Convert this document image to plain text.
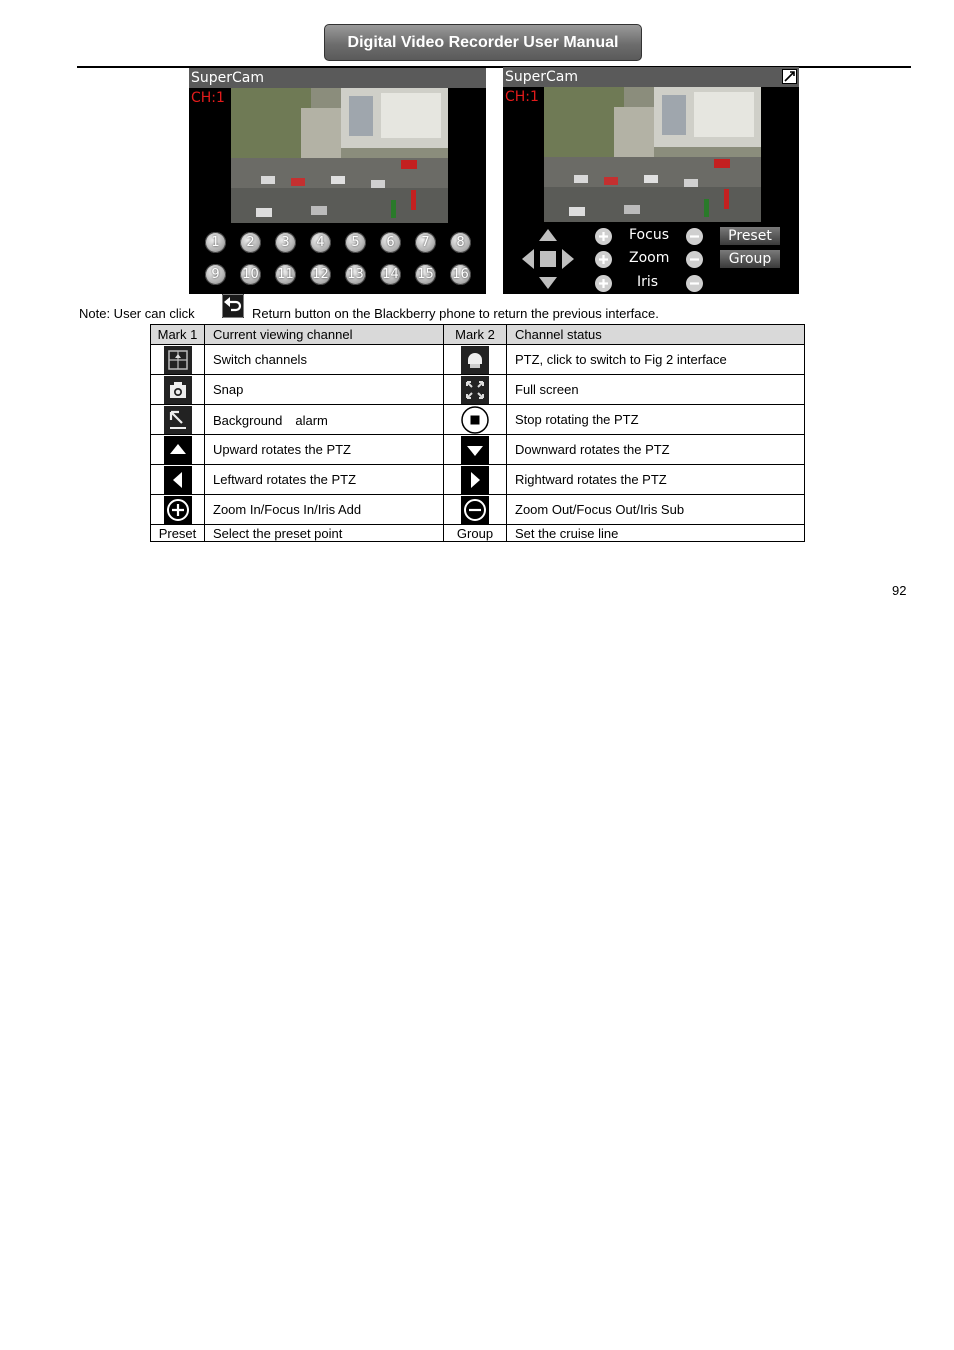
Digital Video Recorder User Manual
SuperCam
CH:1
1	2	3	4	5	6	7	8
9	10 11 12 13 14 15 16
SuperCam
CH:1
Focus
Zoom
Iris
Preset
Group
Note: User can click	Return button on the Blackberry phone to return the previous interface.
Mark 1	Current viewing channel	Mark 2	Channel status
	Switch channels		PTZ, click to switch to Fig 2 interface
	Snap		Full screen
	Background　alarm		Stop rotating the PTZ
	Upward rotates the PTZ		Downward rotates the PTZ
	Leftward rotates the PTZ		Rightward rotates the PTZ
	Zoom In/Focus In/Iris Add		Zoom Out/Focus Out/Iris Sub
Preset	Select the preset point	Group	Set the cruise line
92
